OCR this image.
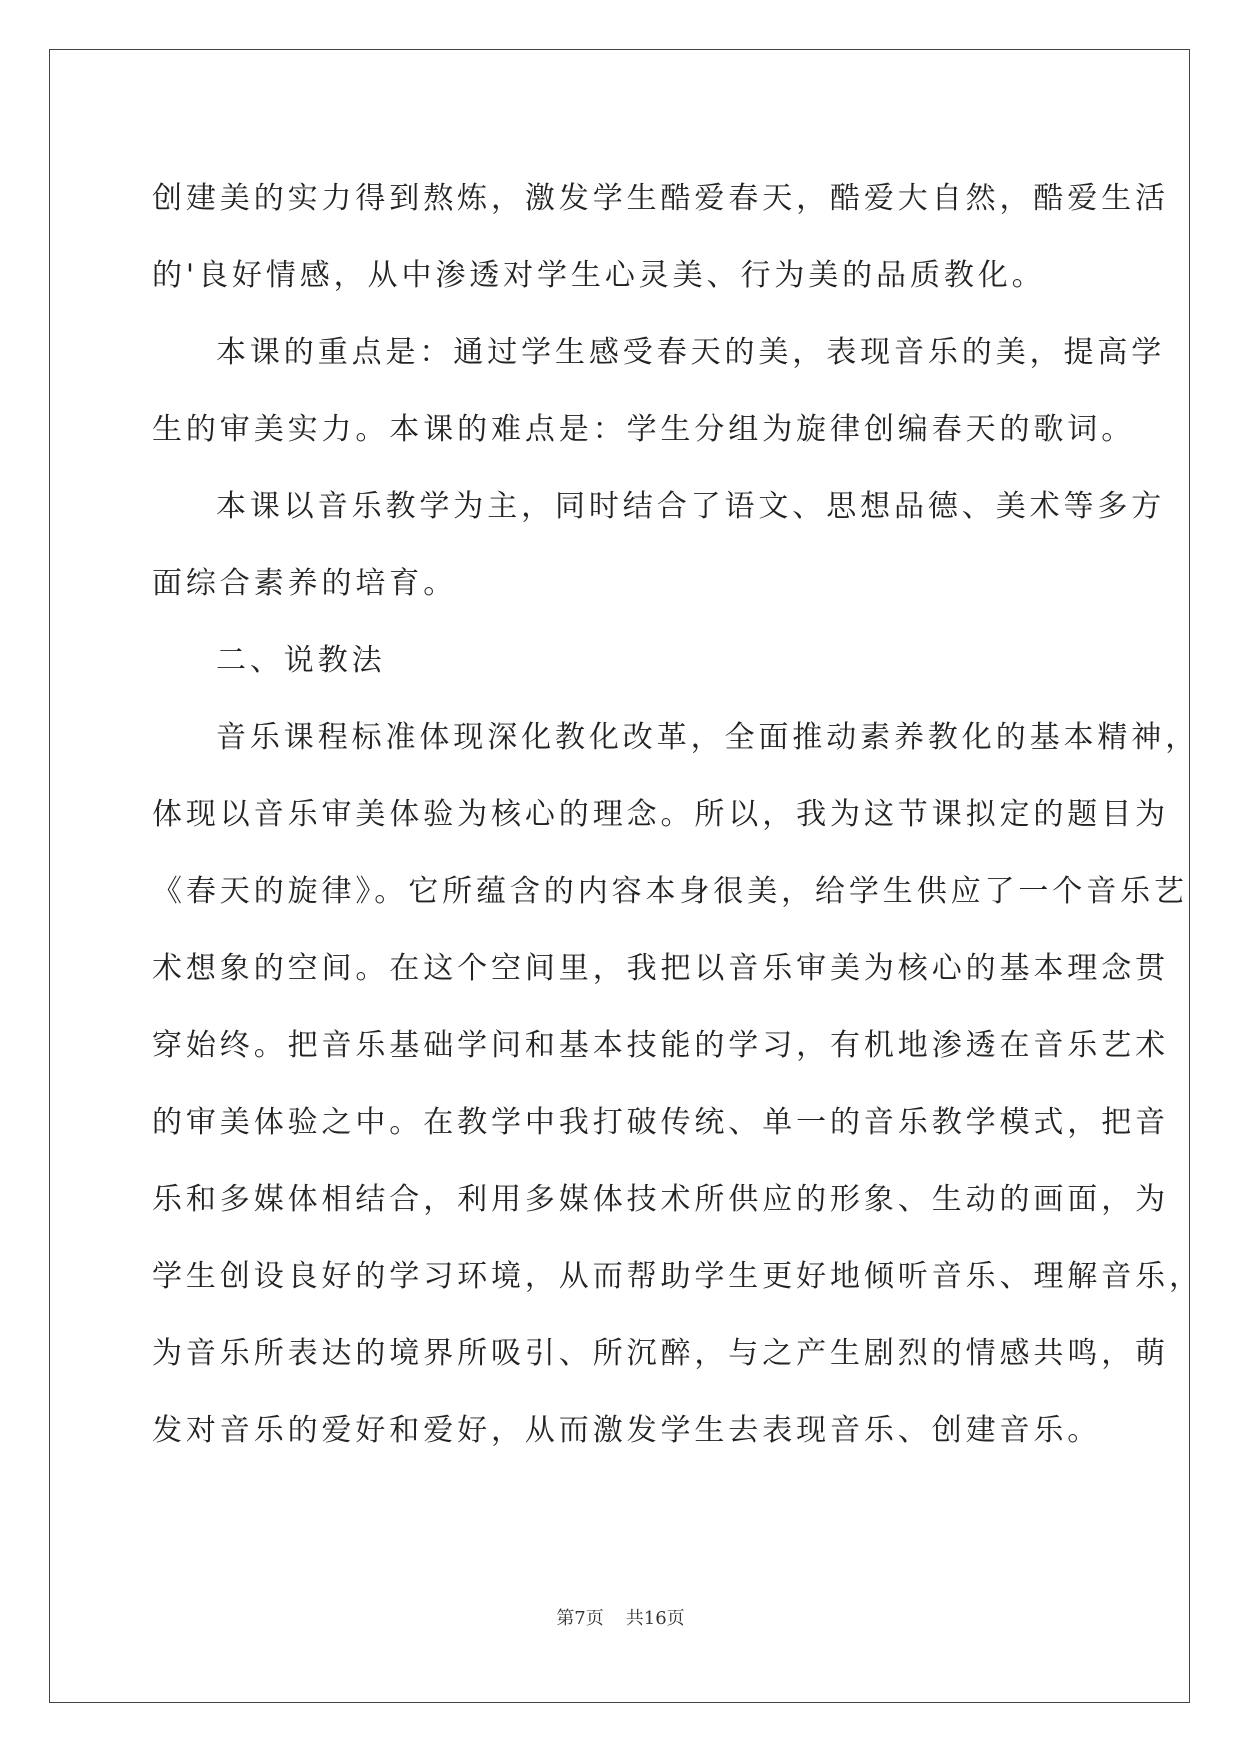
创建美的实力得到熬炼，激发学生酷爱春天，酷爱大自然，酷爱生活
的'良好情感，从中渗透对学生心灵美、行为美的品质教化。
本课的重点是：通过学生感受春天的美，表现音乐的美，提高学
生的审美实力。本课的难点是：学生分组为旋律创编春天的歌词。
本课以音乐教学为主，同时结合了语文、思想品德、美术等多方
面综合素养的培育。
二、说教法
音乐课程标准体现深化教化改革，全面推动素养教化的基本精神，
体现以音乐审美体验为核心的理念。所以，我为这节课拟定的题目为
《春天的旋律》。它所蕴含的内容本身很美，给学生供应了一个音乐艺
术想象的空间。在这个空间里，我把以音乐审美为核心的基本理念贯
穿始终。把音乐基础学问和基本技能的学习，有机地渗透在音乐艺术
的审美体验之中。在教学中我打破传统、单一的音乐教学模式，把音
乐和多媒体相结合，利用多媒体技术所供应的形象、生动的画面，为
学生创设良好的学习环境，从而帮助学生更好地倾听音乐、理解音乐，
为音乐所表达的境界所吸引、所沉醉，与之产生剧烈的情感共鸣，萌
发对音乐的爱好和爱好，从而激发学生去表现音乐、创建音乐。
第7页 共16页
